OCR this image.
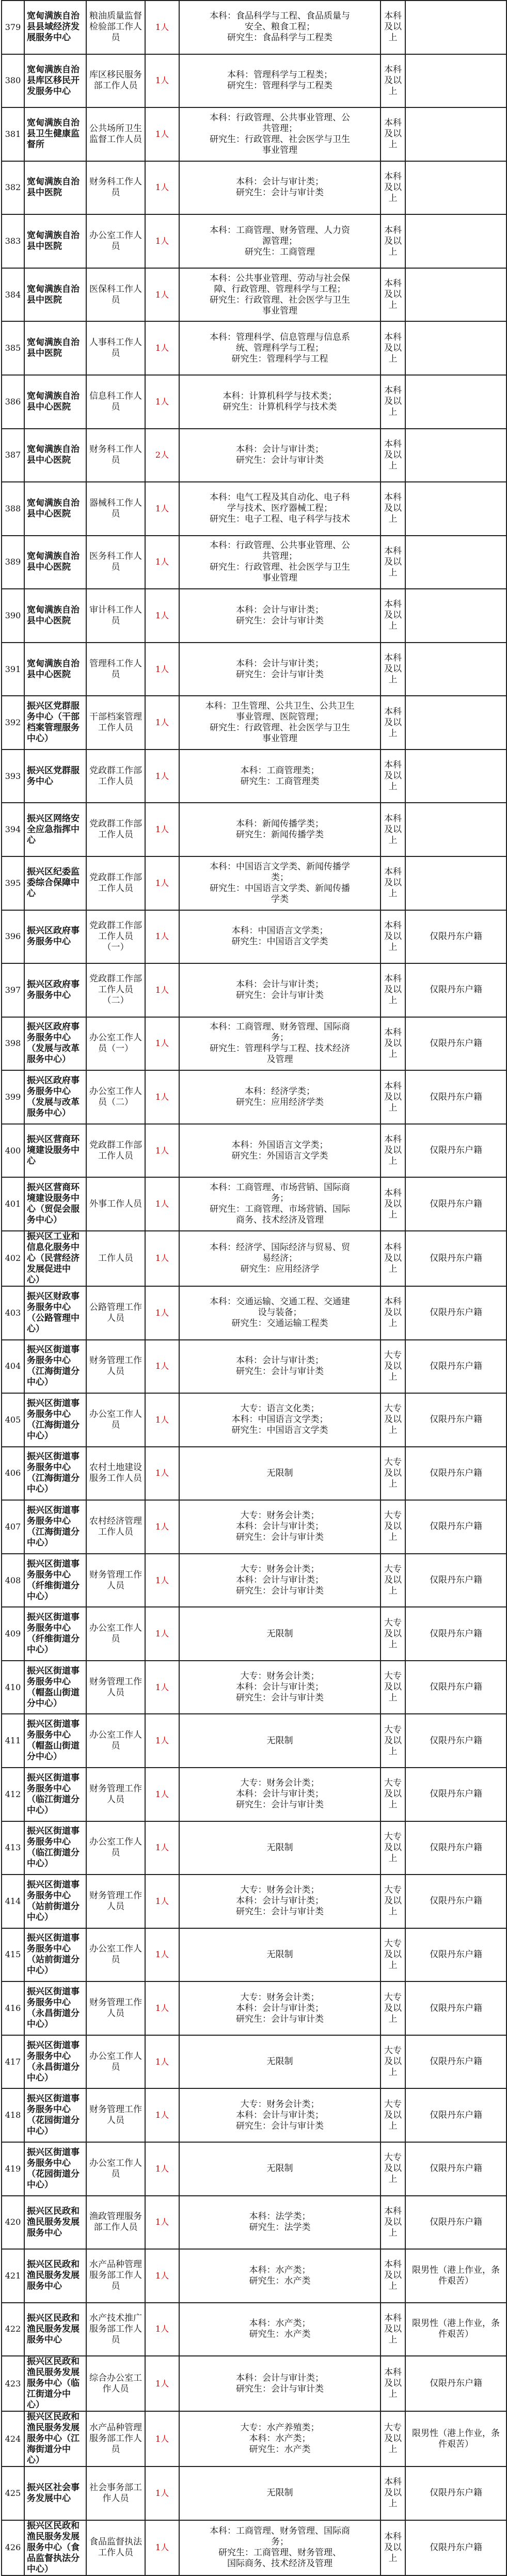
379	宽甸满族自治县县域经济发展服务中心	粮油质量监督检验部工作人员	1人	本科：食品科学与工程、食品质量与
安全、粮食工程；
研究生：食品科学与工程类	本科及以上	
380	宽甸满族自治县库区移民开发服务中心	库区移民服务部工作人员	1人	本科：管理科学与工程类；
研究生：管理科学与工程类	本科及以上	
381	宽甸满族自治县卫生健康监督所	公共场所卫生监督工作人员	1人	本科：行政管理、公共事业管理、公
共管理；
研究生：行政管理、社会医学与卫生
事业管理	本科及以上	
382	宽甸满族自治县中医院	财务科工作人员	1人	本科：会计与审计类；
研究生：会计与审计类	本科及以上	
383	宽甸满族自治县中医院	办公室工作人员	1人	本科：工商管理、财务管理、人力资
源管理；
研究生：工商管理	本科及以上	
384	宽甸满族自治县中医院	医保科工作人员	1人	本科：公共事业管理、劳动与社会保
障、行政管理、管理科学与工程；
研究生：行政管理、社会医学与卫生
事业管理	本科及以上	
385	宽甸满族自治县中医院	人事科工作人员	1人	本科：管理科学、信息管理与信息系
统、管理科学与工程；
研究生：管理科学与工程	本科及以上	
386	宽甸满族自治县中心医院	信息科工作人员	1人	本科：计算机科学与技术类；
研究生：计算机科学与技术类	本科及以上	
387	宽甸满族自治县中心医院	财务科工作人员	2人	本科：会计与审计类；
研究生：会计与审计类	本科及以上	
388	宽甸满族自治县中心医院	器械科工作人员	1人	本科：电气工程及其自动化、电子科
学与技术、医疗器械工程；
研究生：电子工程、电子科学与技术	本科及以上	
389	宽甸满族自治县中心医院	医务科工作人员	1人	本科：行政管理、公共事业管理、公
共管理；
研究生：行政管理、社会医学与卫生
事业管理	本科及以上	
390	宽甸满族自治县中心医院	审计科工作人员	1人	本科：会计与审计类；
研究生：会计与审计类	本科及以上	
391	宽甸满族自治县中心医院	管理科工作人员	1人	本科：会计与审计类；
研究生：会计与审计类	本科及以上	
392	振兴区党群服务中心（干部档案管理服务中心）	干部档案管理工作人员	1人	本科：卫生管理、公共卫生、公共卫生
事业管理、医院管理；
研究生：行政管理、社会医学与卫生
事业管理	本科及以上	
393	振兴区党群服务中心	党政群工作部工作人员	1人	本科：工商管理类；
研究生：工商管理类	本科及以上	
394	振兴区网络安全应急指挥中心	党政群工作部工作人员	1人	本科：新闻传播学类；
研究生：新闻传播学类	本科及以上	
395	振兴区纪委监委综合保障中心	党政群工作部工作人员	1人	本科：中国语言文学类、新闻传播学
类；
研究生：中国语言文学类、新闻传播
学类	本科及以上	
396	振兴区政府事务服务中心	党政群工作部工作人员（一）	1人	本科：中国语言文学类；
研究生：中国语言文学类	本科及以上	仅限丹东户籍
397	振兴区政府事务服务中心	党政群工作部工作人员（二）	1人	本科：会计与审计类；
研究生：会计与审计类	本科及以上	仅限丹东户籍
398	振兴区政府事务服务中心（发展与改革服务中心）	办公室工作人员（一）	1人	本科：工商管理、财务管理、国际商
务；
研究生：管理科学与工程、技术经济
及管理	本科及以上	仅限丹东户籍
399	振兴区政府事务服务中心（发展与改革服务中心）	办公室工作人员（二）	1人	本科：经济学类；
研究生：应用经济学类	本科及以上	仅限丹东户籍
400	振兴区营商环境建设服务中心	党政群工作部工作人员	1人	本科：外国语言文学类；
研究生：外国语言文学类	本科及以上	仅限丹东户籍
401	振兴区营商环境建设服务中心（贸促会服务中心）	外事工作人员	1人	本科：工商管理、市场营销、国际商
务；
研究生：工商管理、市场营销、国际
商务、技术经济及管理	本科及以上	仅限丹东户籍
402	振兴区工业和信息化服务中心（民营经济发展促进中心）	工作人员	1人	本科：经济学、国际经济与贸易、贸
易经济；
研究生：应用经济学	本科及以上	仅限丹东户籍
403	振兴区财政事务服务中心（公路管理中心）	公路管理工作人员	1人	本科：交通运输、交通工程、交通建
设与装备；
研究生：交通运输工程类	本科及以上	仅限丹东户籍
404	振兴区街道事务服务中心（江海街道分中心）	财务管理工作人员	1人	本科：会计与审计类；
研究生：会计与审计类	大专及以上	仅限丹东户籍
405	振兴区街道事务服务中心（江海街道分中心）	办公室工作人员	1人	大专：语言文化类；
本科：中国语言文学类；
研究生：中国语言文学类	大专及以上	仅限丹东户籍
406	振兴区街道事务服务中心（江海街道分中心）	农村土地建设服务工作人员	1人	无限制	大专及以上	仅限丹东户籍
407	振兴区街道事务服务中心（江海街道分中心）	农村经济管理工作人员	1人	大专：财务会计类；
本科：会计与审计类；
研究生：会计与审计类	大专及以上	仅限丹东户籍
408	振兴区街道事务服务中心（纤维街道分中心）	财务管理工作人员	1人	大专：财务会计类；
本科：会计与审计类；
研究生：会计与审计类	大专及以上	仅限丹东户籍
409	振兴区街道事务服务中心（纤维街道分中心）	办公室工作人员	1人	无限制	大专及以上	仅限丹东户籍
410	振兴区街道事务服务中心（帽盔山街道分中心）	财务管理工作人员	1人	大专：财务会计类；
本科：会计与审计类；
研究生：会计与审计类	大专及以上	仅限丹东户籍
411	振兴区街道事务服务中心（帽盔山街道分中心）	办公室工作人员	1人	无限制	大专及以上	仅限丹东户籍
412	振兴区街道事务服务中心（临江街道分中心）	财务管理工作人员	1人	大专：财务会计类；
本科：会计与审计类；
研究生：会计与审计类	大专及以上	仅限丹东户籍
413	振兴区街道事务服务中心（临江街道分中心）	办公室工作人员	1人	无限制	大专及以上	仅限丹东户籍
414	振兴区街道事务服务中心（站前街道分中心）	财务管理工作人员	1人	大专：财务会计类；
本科：会计与审计类；
研究生：会计与审计类	大专及以上	仅限丹东户籍
415	振兴区街道事务服务中心（站前街道分中心）	办公室工作人员	1人	无限制	大专及以上	仅限丹东户籍
416	振兴区街道事务服务中心（永昌街道分中心）	财务管理工作人员	1人	大专：财务会计类；
本科：会计与审计类；
研究生：会计与审计类	大专及以上	仅限丹东户籍
417	振兴区街道事务服务中心（永昌街道分中心）	办公室工作人员	1人	无限制	大专及以上	仅限丹东户籍
418	振兴区街道事务服务中心（花园街道分中心）	财务管理工作人员	1人	大专：财务会计类；
本科：会计与审计类；
研究生：会计与审计类	大专及以上	仅限丹东户籍
419	振兴区街道事务服务中心（花园街道分中心）	办公室工作人员	1人	无限制	大专及以上	仅限丹东户籍
420	振兴区民政和渔民服务发展服务中心	渔政管理服务部工作人员	1人	本科：法学类；
研究生：法学类	本科及以上	仅限丹东户籍
421	振兴区民政和渔民服务发展服务中心	水产品种管理服务部工作人员	1人	本科：水产类；
研究生：水产类	本科及以上	限男性（港上作业，条件艰苦）
422	振兴区民政和渔民服务发展服务中心	水产技术推广服务部工作人员	1人	本科：水产类；
研究生：水产类	本科及以上	限男性（港上作业，条件艰苦）
423	振兴区民政和渔民服务发展服务中心（临江街道分中心）	综合办公室工作人员	1人	本科：会计与审计类；
研究生：会计与审计类	本科及以上	仅限丹东户籍
424	振兴区民政和渔民服务发展服务中心（江海街道分中心）	水产品种管理服务部工作人员	1人	大专：水产养殖类；
本科：水产类；
研究生：水产类	大专及以上	限男性（港上作业，条件艰苦）
425	振兴区社会事务发展中心	社会事务部工作人员	1人	无限制	本科及以上	仅限丹东户籍
426	振兴区民政和渔民服务发展服务中心（食品监督执法分中心）	食品监督执法工作人员	1人	本科：工商管理、财务管理、国际商
务；
研究生：工商管理、财务管理、
国际商务、技术经济及管理	本科及以上	仅限丹东户籍
